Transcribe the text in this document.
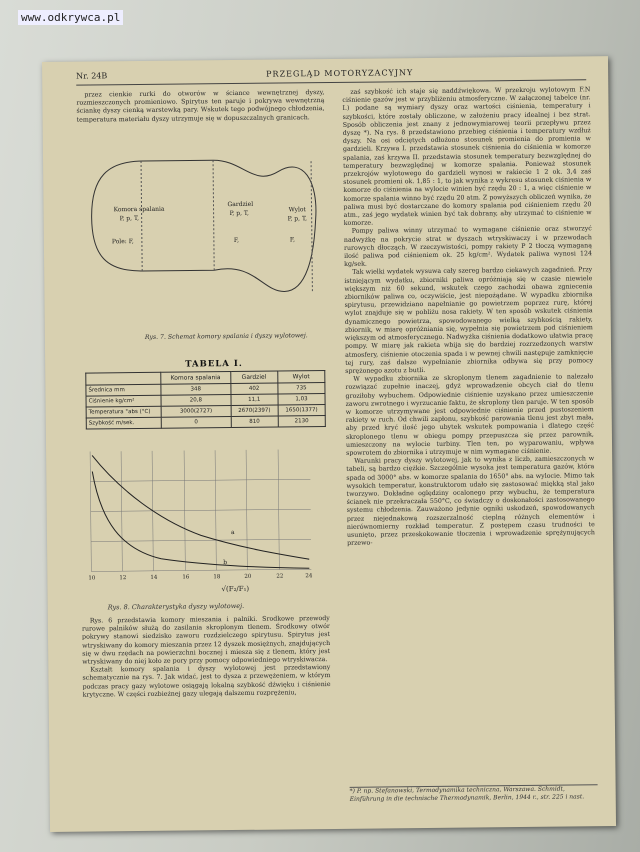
www.odkrywca.pl
Nr. 24B	PRZEGLĄD MOTORYZACYJNY

przez cienkie rurki do otworów w ściance wewnętrznej dyszy, rozmieszczonych promieniowo. Spirytus ten paruje i pokrywa wewnętrzną ściankę dyszy cienką warstewką pary. Wskutek tego podwójnego chłodzenia, temperatura materiału dyszy utrzymuje się w dopuszczalnych granicach.

Komora spalania
P, p, T,
Gardziel
P, p, T,
Wylot
P, p, T,
Pole: F,	F,	F,
Rys. 7. Schemat komory spalania i dyszy wylotowej.
TABELA I.
	Komora spalania	Gardziel	Wylot
Średnica mm	348	402	735
Ciśnienie kg/cm²	20,8	11,1	1,03
Temperatura °abs (°C)	3000(2727)	2670(2397)	1650(1377)
Szybkość m/sek.	0	810	2130
a
b
10	12	14	16	18	20	22	24
√(F₂/F₁)
Rys. 8. Charakterystyka dyszy wylotowej.

Rys. 6 przedstawia komory mieszania i palniki. Środkowe przewody rurowe palników służą do zasilania skroplonym tlenem. Środkowy otwór pokrywy stanowi siedzisko zaworu rozdzielczego spirytusu. Spirytus jest wtryskiwany do komory mieszania przez 12 dyszek mosiężnych, znajdujących się w dwu rzędach na powierzchni bocznej i miesza się z tlenem, który jest wtryskiwany do niej koło ze pory przy pomocy odpowiedniego wtryskiwacza.

Kształt komory spalania i dyszy wylotowej jest przedstawiony schematycznie na rys. 7. Jak widać, jest to dysza z przewężeniem, w którym podczas pracy gazy wylotowe osiągają lokalną szybkość dźwięku i ciśnienie krytyczne. W części rozbieżnej gazy ulegają dalszemu rozprężeniu,

zaś szybkość ich staje się naddźwiękowa. W przekroju wylotowym F.N ciśnienie gazów jest w przybliżeniu atmosferyczne. W załączonej tabelce (nr. I.) podane są wymiary dyszy oraz wartości ciśnienia, temperatury i szybkości, które zostały obliczone, w założeniu pracy idealnej i bez strat. Sposób obliczenia jest znany z jednowymiarowej teorii przepływu przez dyszę *). Na rys. 8 przedstawiono przebieg ciśnienia i temperatury wzdłuż dyszy. Na osi odciętych odłożono stosunek promienia do promienia w gardzieli. Krzywa I. przedstawia stosunek ciśnienia do ciśnienia w komorze spalania, zaś krzywa II. przedstawia stosunek temperatury bezwzględnej do temperatury bezwzględnej w komorze spalania. Ponieważ stosunek przekrojów wylotowego do gardzieli wynosi w rakiecie 1 2 ok. 3,4 zaś stosunek promieni ok. 1,85 : 1, to jak wynika z wykresu stosunek ciśnienia w komorze do ciśnienia na wylocie winien być rzędu 20 : 1, a więc ciśnienie w komorze spalania winno być rzędu 20 atm. Z powyższych obliczeń wynika, że paliwa musi być dostarczane do komory spalania pod ciśnieniem rzędu 20 atm., zaś jego wydatek winien być tak dobrany, aby utrzymać to ciśnienie w komorze.

Pompy paliwa winny utrzymać to wymagane ciśnienie oraz stworzyć nadwyżkę na pokrycie strat w dyszach wtryskiwaczy i w przewodach rurowych dłocząch. W rzeczywistości, pompy rakiety P 2 tłoczą wymaganą ilość paliwa pod ciśnieniem ok. 25 kg/cm². Wydatek paliwa wynosi 124 kg/sek.

Tak wielki wydatek wysuwa cały szereg bardzo ciekawych zagadnień. Przy istniejącym wydatku, zbiorniki paliwa opróżniają się w czasie niewiele większym niż 60 sekund, wskutek czego zachodzi obawa zgniecenia zbiorników paliwa co, oczywiście, jest niepożądane. W wypadku zbiornika spirytusu, przewidziano napełnianie go powietrzem poprzez rurę, której wylot znajduje się w pobliżu nosa rakiety. W ten sposób wskutek ciśnienia dynamicznego powietrza, spowodowanego wielką szybkością rakiety, zbiornik, w miarę opróżniania się, wypełnia się powietrzem pod ciśnieniem większym od atmosferycznego. Nadwyżka ciśnienia dodatkowo ułatwia pracę pompy. W miarę jak rakieta wbija się do bardziej rozrzedzonych warstw atmosfery, ciśnienie otoczenia spada i w pewnej chwili następuje zamknięcie tej rury, zaś dalsze wypełnianie zbiornika odbywa się przy pomocy sprężonego azotu z butli.

W wypadku zbiornika ze skroplonym tlenem zagadnienie to nalezało rozwiązać zupełnie inaczej, gdyż wprowadzenie obcych ciał do tlenu groziłoby wybuchem. Odpowiednie ciśnienie uzyskano przez umieszczenie zaworu zwrotnego i wyrzucanie faktu, że skroplony tlen paruje. W ten sposób w komorze utrzymywane jest odpowiednie ciśnienie przed pustoszeniem rakiety w ruch. Od chwili zapłonu, szybkość parowania tlenu jest zbyt mała, aby przed kryć ilość jego ubytek wskutek pompowania i dlatego część skroplonego tlenu w obiegu pompy przepuszcza się przez parownik, umieszczony na wylocie turbiny. Tlen ten, po wyparowaniu, wpływa spowrotem do zbiornika i utrzymuje w nim wymagane ciśnienie.

Warunki pracy dyszy wylotowej, jak to wynika z liczb, zamieszczonych w tabeli, są bardzo ciężkie. Szczególnie wysoka jest temperatura gazów, która spada od 3000° abs. w komorze spalania do 1650° abs. na wylocie. Mimo tak wysokich temperatur, konstruktorom udało się zastosować miękką stal jako tworzywo. Dokładne oględziny ocalonego przy wybuchu, że temperatura ścianek nie przekraczała 550°C, co świadczy o doskonałości zastosowanego systemu chłodzenia. Zauważono jedynie ogniki uskodzeń, spowodowanych przez niejednakową rozszerzalność cieplną różnych elementów i nierównomierny rozkład temperatur. Z postępem czasu trudności te usunięto, przez przeskokowanie tłoczenia i wprowadzenie sprężynujących przewo-

*) P. np. Stefanowski, Termodynamika techniczna, Warszawa. Schmidt, Einführung in die technische Thermodynamik, Berlin, 1944 r., str. 225 i nast.
